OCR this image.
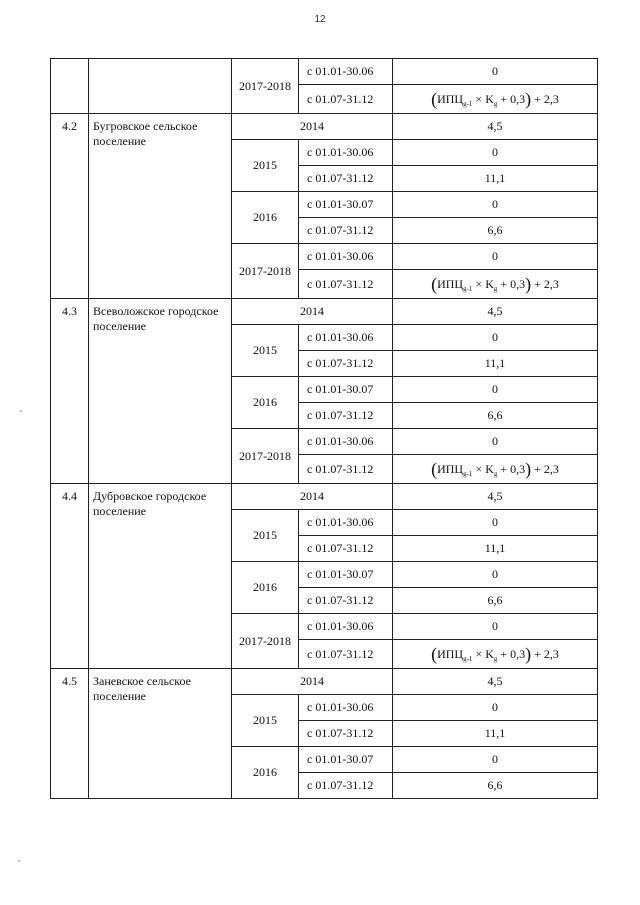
12
		2017-2018	с 01.01-30.06	0
			с 01.07-31.12	$(ИПЦ_{g-1} \times K_g + 0,3) + 2,3$
4.2	Бугровское сельское поселение	2014		4,5
		2015	с 01.01-30.06	0
			с 01.07-31.12	11,1
		2016	с 01.01-30.07	0
			с 01.07-31.12	6,6
		2017-2018	с 01.01-30.06	0
			с 01.07-31.12	$(ИПЦ_{g-1} \times K_g + 0,3) + 2,3$
4.3	Всеволожское городское поселение	2014		4,5
		2015	с 01.01-30.06	0
			с 01.07-31.12	11,1
		2016	с 01.01-30.07	0
			с 01.07-31.12	6,6
		2017-2018	с 01.01-30.06	0
			с 01.07-31.12	$(ИПЦ_{g-1} \times K_g + 0,3) + 2,3$
4.4	Дубровское городское поселение	2014		4,5
		2015	с 01.01-30.06	0
			с 01.07-31.12	11,1
		2016	с 01.01-30.07	0
			с 01.07-31.12	6,6
		2017-2018	с 01.01-30.06	0
			с 01.07-31.12	$(ИПЦ_{g-1} \times K_g + 0,3) + 2,3$
4.5	Заневское сельское поселение	2014		4,5
		2015	с 01.01-30.06	0
			с 01.07-31.12	11,1
		2016	с 01.01-30.07	0
			с 01.07-31.12	6,6
